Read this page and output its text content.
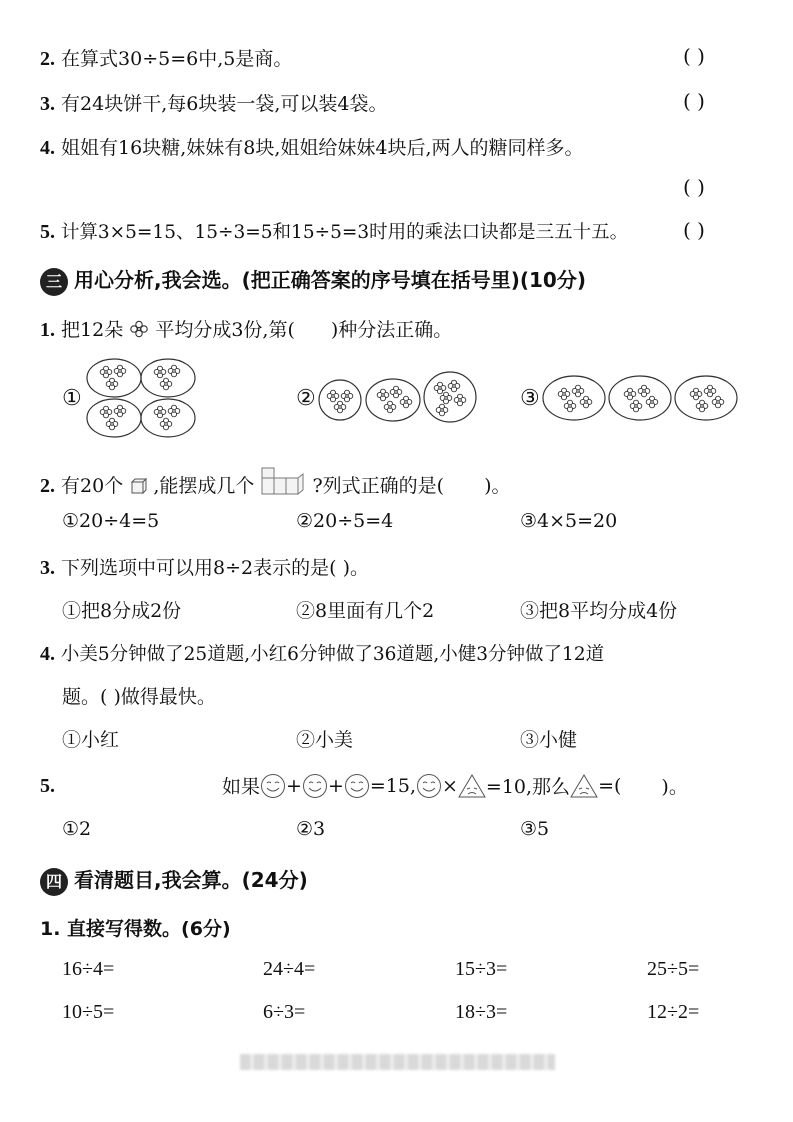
2. 在算式30÷5=6中,5是商。	( )
3. 有24块饼干,每6块装一袋,可以装4袋。	( )
4. 姐姐有16块糖,妹妹有8块,姐姐给妹妹4块后,两人的糖同样多。
( )
5. 计算3×5=15、15÷3=5和15÷5=3时用的乘法口诀都是三五十五。	( )
三 用心分析,我会选。(把正确答案的序号填在括号里)(10分)
1. 把12朵 平均分成3份,第( )种分法正确。
①	②	③
2. 有20个 ,能摆成几个	?列式正确的是( )。
①20÷4=5	②20÷5=4	③4×5=20
3. 下列选项中可以用8÷2表示的是( )。
①把8分成2份	②8里面有几个2	③把8平均分成4份
4. 小美5分钟做了25道题,小红6分钟做了36道题,小健3分钟做了12道
题。( )做得最快。
①小红	②小美	③小健
5.	如果 + + =15, × =10,那么 =( )。
①2	②3	③5
四 看清题目,我会算。(24分)
1. 直接写得数。(6分)
16÷4=	24÷4=	15÷3=	25÷5=
10÷5=	6÷3=	18÷3=	12÷2=
